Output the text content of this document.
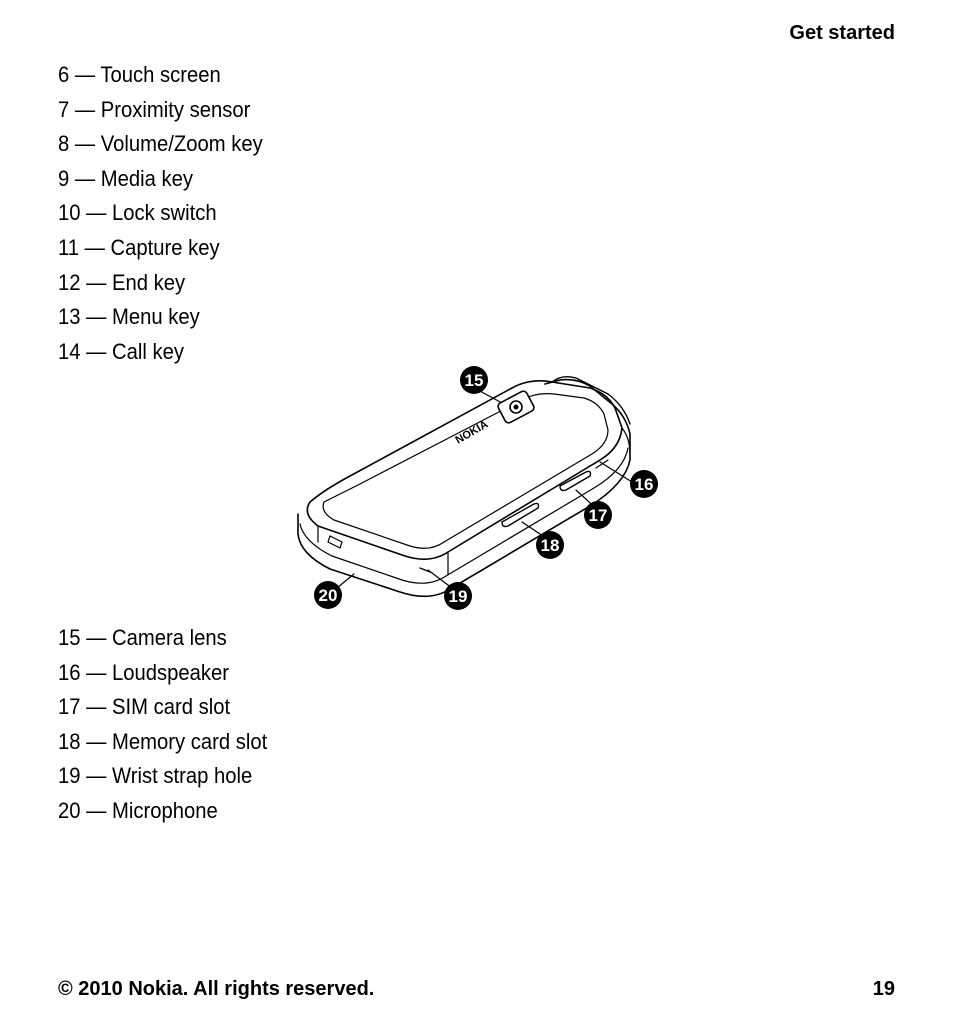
Get started
6 — Touch screen
7 — Proximity sensor
8 — Volume/Zoom key
9 — Media key
10 — Lock switch
11 — Capture key
12 — End key
13 — Menu key
14 — Call key
NOKIA
15
16
17
18
19
20
15 — Camera lens
16 — Loudspeaker
17 — SIM card slot
18 — Memory card slot
19 — Wrist strap hole
20 — Microphone
© 2010 Nokia. All rights reserved.	19
